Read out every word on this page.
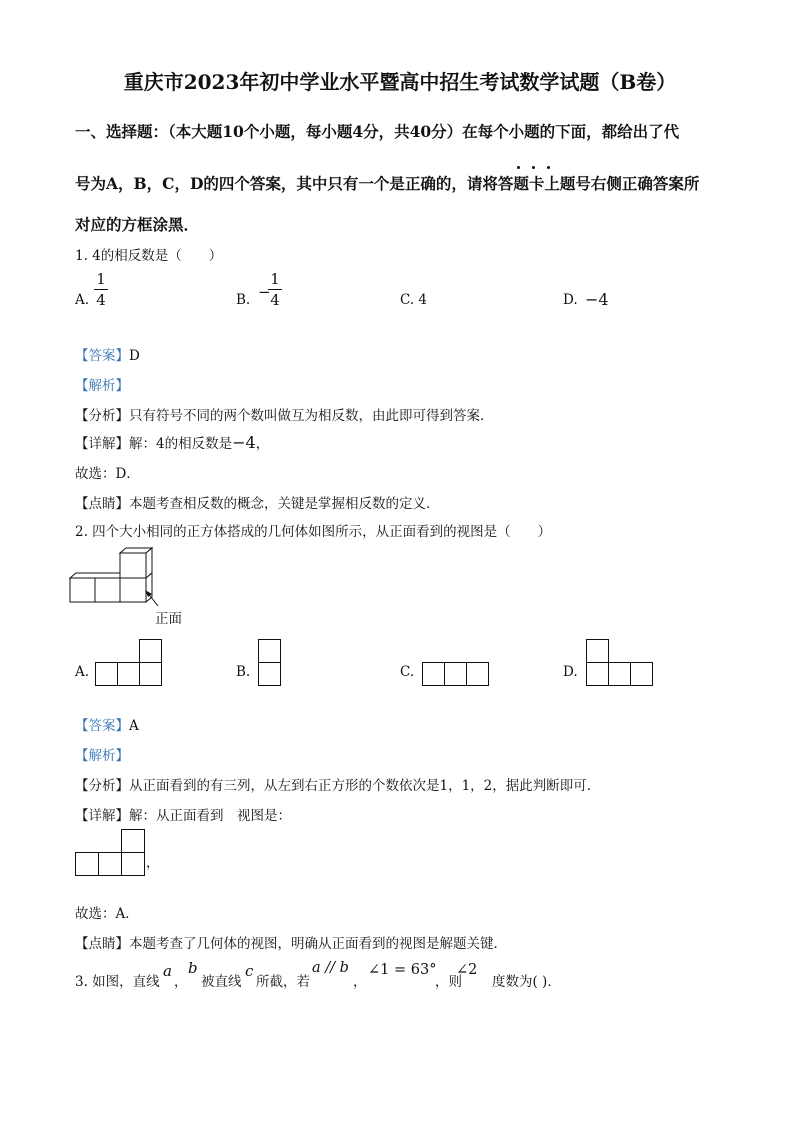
重庆市2023年初中学业水平暨高中招生考试数学试题（B卷）
一、选择题：（本大题10个小题，每小题4分，共40分）在每个小题的下面，都给出了代
号为A，B，C，D的四个答案，其中只有一个是正确的，请将答题卡上题号右侧正确答案所
对应的方框涂黑．
1. 4的相反数是（　　）
A.
1
4	B. −
1
4	C. 4	D. −4
【答案】D
【解析】
【分析】只有符号不同的两个数叫做互为相反数，由此即可得到答案．
【详解】解：4的相反数是−4，
故选：D．
【点睛】本题考查相反数的概念，关键是掌握相反数的定义．
2. 四个大小相同的正方体搭成的几何体如图所示，从正面看到的视图是（　　）
正面
A.	B.	C.	D.
【答案】A
【解析】
【分析】从正面看到的有三列，从左到右正方形的个数依次是1，1，2，据此判断即可．
【详解】解：从正面看到　视图是：
，
故选：A．
【点睛】本题考查了几何体的视图，明确从正面看到的视图是解题关键．
3. 如图，直线
a
，
b
被直线
c
所截，若
a // b
，
∠1 = 63°
，则
∠2
度数为( )．
